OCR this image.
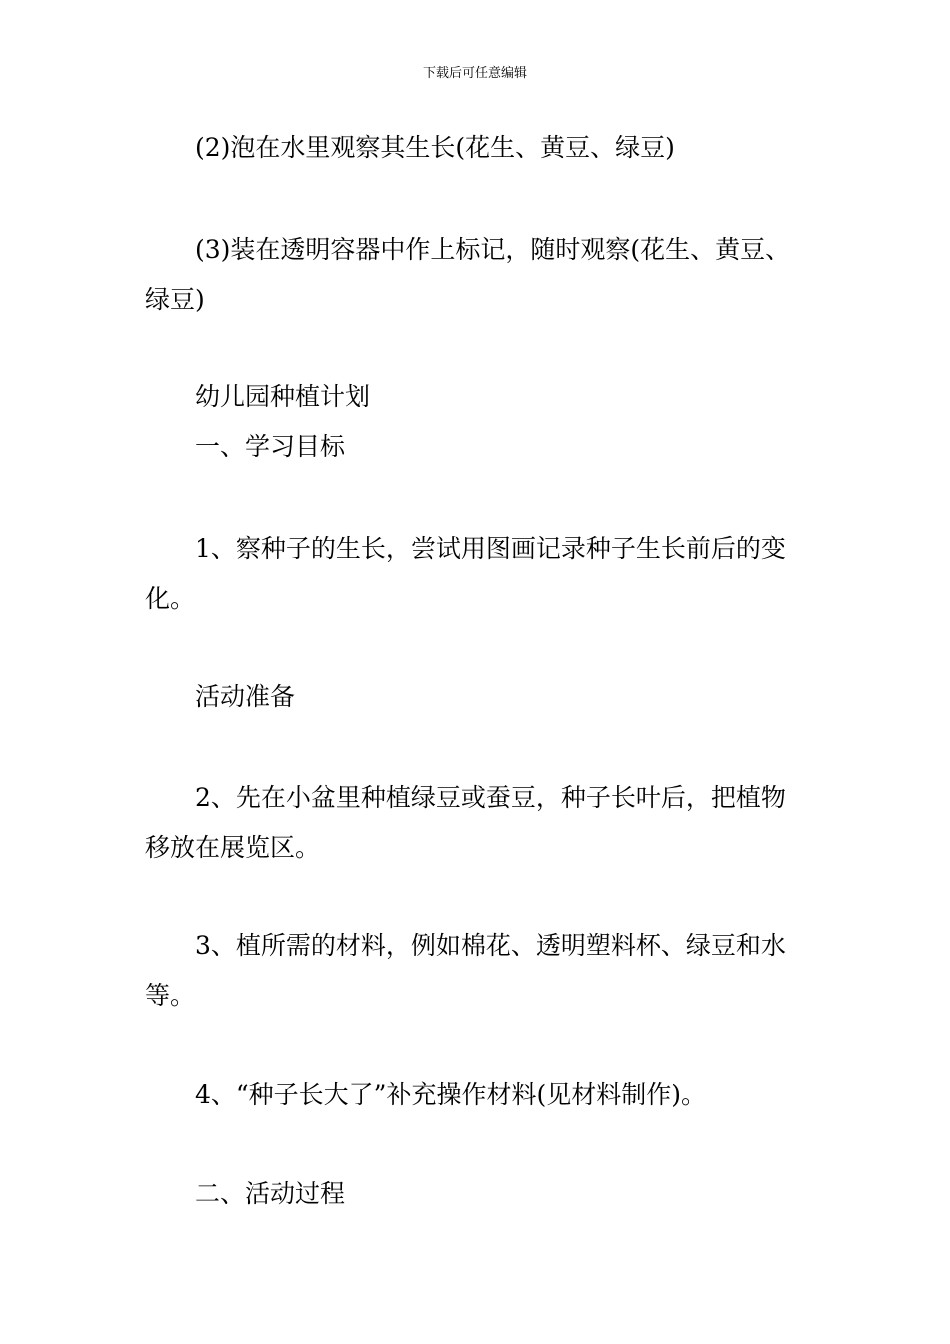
下载后可任意编辑

(2)泡在水里观察其生长(花生、黄豆、绿豆)

(3)装在透明容器中作上标记，随时观察(花生、黄豆、
绿豆)

幼儿园种植计划

一、学习目标

1、察种子的生长，尝试用图画记录种子生长前后的变
化。

活动准备

2、先在小盆里种植绿豆或蚕豆，种子长叶后，把植物
移放在展览区。

3、植所需的材料，例如棉花、透明塑料杯、绿豆和水
等。

4、“种子长大了”补充操作材料(见材料制作)。

二、活动过程
